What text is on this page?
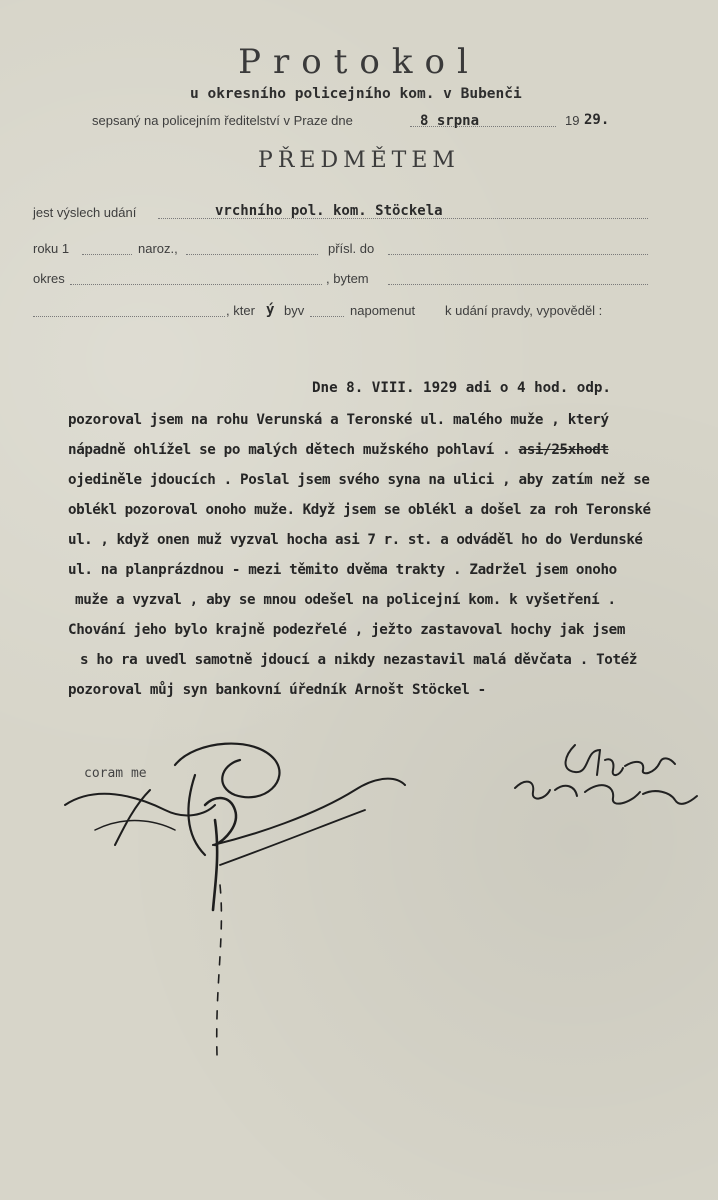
Protokol
u okresního policejního kom. v Bubenči
sepsaný na policejním ředitelství v Praze dne	8 srpna	19 29.
PŘEDMĚTEM
jest výslech udání	vrchního pol. kom. Stöckela
roku 1	naroz.,	přísl. do
okres	, bytem
, kter ý byv	napomenut k udání pravdy, vypověděl :
Dne 8. VIII. 1929 adi o 4 hod. odp.
pozoroval jsem na rohu Verunská a Teronské ul. malého muže , který
nápadně ohlížel se po malých dětech mužského pohlaví . asi/25xhodt
ojediněle jdoucích . Poslal jsem svého syna na ulici , aby zatím než se
oblékl pozoroval onoho muže. Když jsem se oblékl a došel za roh Teronské
ul. , když onen muž vyzval hocha asi 7 r. st. a odváděl ho do Verdunské
ul. na planprázdnou - mezi těmito dvěma trakty . Zadržel jsem onoho
muže a vyzval , aby se mnou odešel na policejní kom. k vyšetření .
Chování jeho bylo krajně podezřelé , ježto zastavoval hochy jak jsem
s ho ra uvedl samotně jdoucí a nikdy nezastavil malá děvčata . Totéž
pozoroval můj syn bankovní úředník Arnošt Stöckel -
coram me
